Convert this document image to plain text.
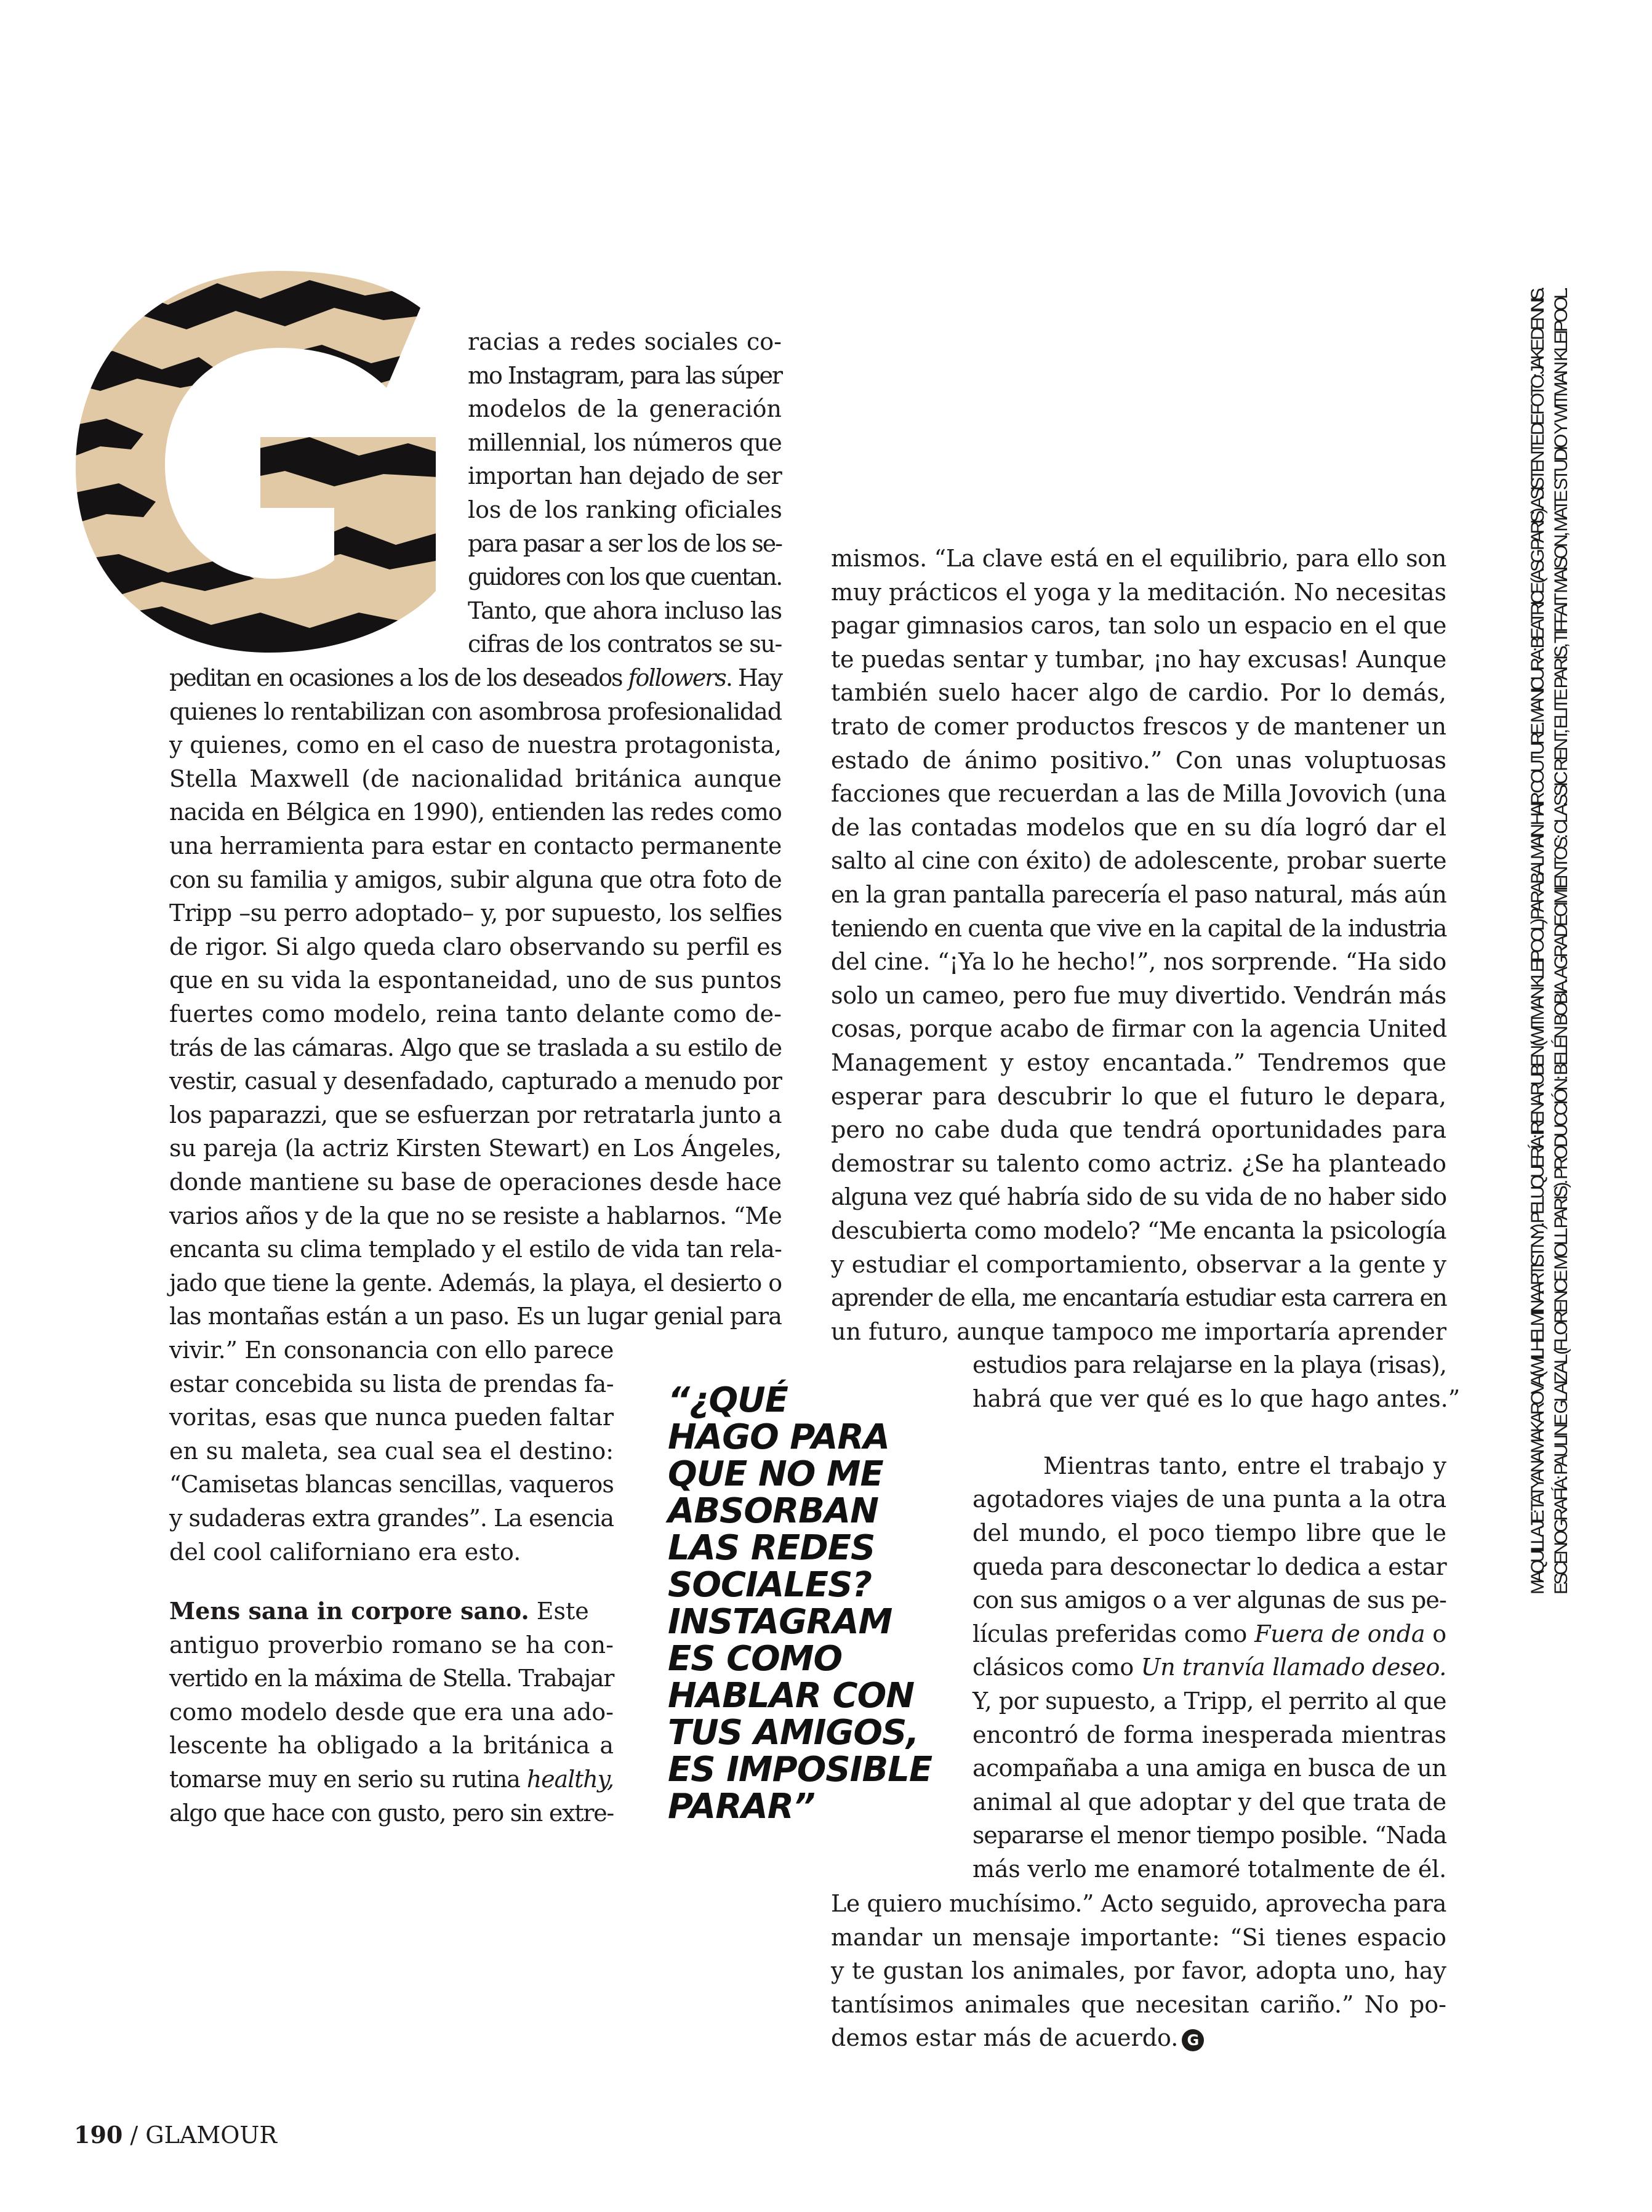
“¿QUÉ
HAGO PARA
QUE NO ME
ABSORBAN
LAS REDES
SOCIALES?
INSTAGRAM
ES COMO
HABLAR CON
TUS AMIGOS,
ES IMPOSIBLE
PARAR”
190 / GLAMOUR
MAQUILLAJE: TATYANA MAKAROVA (WILHELMINA ARTIST NY). PELUQUERÍA: IRENA RUBEN (WITMAN KLEIPOOL) PARA BALMAIN HAIR COUTURE. MANICURA: BEATRICE (ASG PARIS). ASISTENTE DE FOTO: JAKE DENNIS. ESCENOGRAFÍA: PAULINE GLAIZAL (FLORENCE MOLL PARIS). PRODUCCIÓN: BELÉN BOBIA. AGRADECIMIENTOS: CLASSIC RENT, ELITE PARIS, TIFFAIT MAISON, MATE STUDIO Y WITMAN KLEIPOOL.
racias a redes sociales co-
mo Instagram, para las súper
modelos de la generación
millennial, los números que
importan han dejado de ser
los de los ranking oficiales
para pasar a ser los de los se-
guidores con los que cuentan.
Tanto, que ahora incluso las
cifras de los contratos se su-
peditan en ocasiones a los de los deseados followers. Hay
quienes lo rentabilizan con asombrosa profesionalidad
y quienes, como en el caso de nuestra protagonista,
Stella Maxwell (de nacionalidad británica aunque
nacida en Bélgica en 1990), entienden las redes como
una herramienta para estar en contacto permanente
con su familia y amigos, subir alguna que otra foto de
Tripp –su perro adoptado– y, por supuesto, los selfies
de rigor. Si algo queda claro observando su perfil es
que en su vida la espontaneidad, uno de sus puntos
fuertes como modelo, reina tanto delante como de-
trás de las cámaras. Algo que se traslada a su estilo de
vestir, casual y desenfadado, capturado a menudo por
los paparazzi, que se esfuerzan por retratarla junto a
su pareja (la actriz Kirsten Stewart) en Los Ángeles,
donde mantiene su base de operaciones desde hace
varios años y de la que no se resiste a hablarnos. “Me
encanta su clima templado y el estilo de vida tan rela-
jado que tiene la gente. Además, la playa, el desierto o
las montañas están a un paso. Es un lugar genial para
vivir.” En consonancia con ello parece
estar concebida su lista de prendas fa-
voritas, esas que nunca pueden faltar
en su maleta, sea cual sea el destino:
“Camisetas blancas sencillas, vaqueros
y sudaderas extra grandes”. La esencia
del cool californiano era esto.
Mens sana in corpore sano. Este
antiguo proverbio romano se ha con-
vertido en la máxima de Stella. Trabajar
como modelo desde que era una ado-
lescente ha obligado a la británica a
tomarse muy en serio su rutina healthy,
algo que hace con gusto, pero sin extre-
mismos. “La clave está en el equilibrio, para ello son
muy prácticos el yoga y la meditación. No necesitas
pagar gimnasios caros, tan solo un espacio en el que
te puedas sentar y tumbar, ¡no hay excusas! Aunque
también suelo hacer algo de cardio. Por lo demás,
trato de comer productos frescos y de mantener un
estado de ánimo positivo.” Con unas voluptuosas
facciones que recuerdan a las de Milla Jovovich (una
de las contadas modelos que en su día logró dar el
salto al cine con éxito) de adolescente, probar suerte
en la gran pantalla parecería el paso natural, más aún
teniendo en cuenta que vive en la capital de la industria
del cine. “¡Ya lo he hecho!”, nos sorprende. “Ha sido
solo un cameo, pero fue muy divertido. Vendrán más
cosas, porque acabo de firmar con la agencia United
Management y estoy encantada.” Tendremos que
esperar para descubrir lo que el futuro le depara,
pero no cabe duda que tendrá oportunidades para
demostrar su talento como actriz. ¿Se ha planteado
alguna vez qué habría sido de su vida de no haber sido
descubierta como modelo? “Me encanta la psicología
y estudiar el comportamiento, observar a la gente y
aprender de ella, me encantaría estudiar esta carrera en
un futuro, aunque tampoco me importaría aprender
estudios para relajarse en la playa (risas),
habrá que ver qué es lo que hago antes.”
Mientras tanto, entre el trabajo y
agotadores viajes de una punta a la otra
del mundo, el poco tiempo libre que le
queda para desconectar lo dedica a estar
con sus amigos o a ver algunas de sus pe-
lículas preferidas como Fuera de onda o
clásicos como Un tranvía llamado deseo.
Y, por supuesto, a Tripp, el perrito al que
encontró de forma inesperada mientras
acompañaba a una amiga en busca de un
animal al que adoptar y del que trata de
separarse el menor tiempo posible. “Nada
más verlo me enamoré totalmente de él.
Le quiero muchísimo.” Acto seguido, aprovecha para
mandar un mensaje importante: “Si tienes espacio
y te gustan los animales, por favor, adopta uno, hay
tantísimos animales que necesitan cariño.” No po-
demos estar más de acuerdo. G
